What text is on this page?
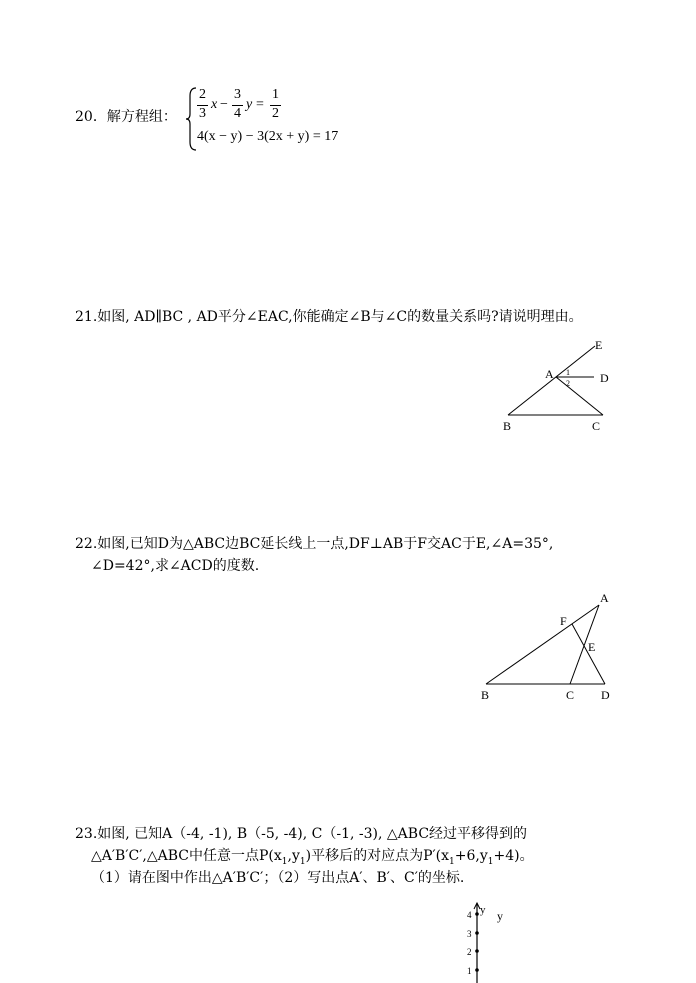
20．解方程组：
2
3
x −
3
4
y =
1
2
4(x − y) − 3(2x + y) = 17
21.如图, AD∥BC , AD平分∠EAC,你能确定∠B与∠C的数量关系吗?请说明理由。
A
B	C
D
E
1
2
22.如图,已知D为△ABC边BC延长线上一点,DF⊥AB于F交AC于E,∠A=35°,
∠D=42°,求∠ACD的度数.
A
B	C D
E
F
23.如图, 已知A（-4, -1), B（-5, -4), C（-1, -3), △ABC经过平移得到的
△A′B′C′,△ABC中任意一点$P(x_1,y_1)$平移后的对应点为$P'(x_1+6,y_1+4)$。
（1）请在图中作出△A′B′C′；（2）写出点A′、B′、C′的坐标.
y y
4
3
2
1
